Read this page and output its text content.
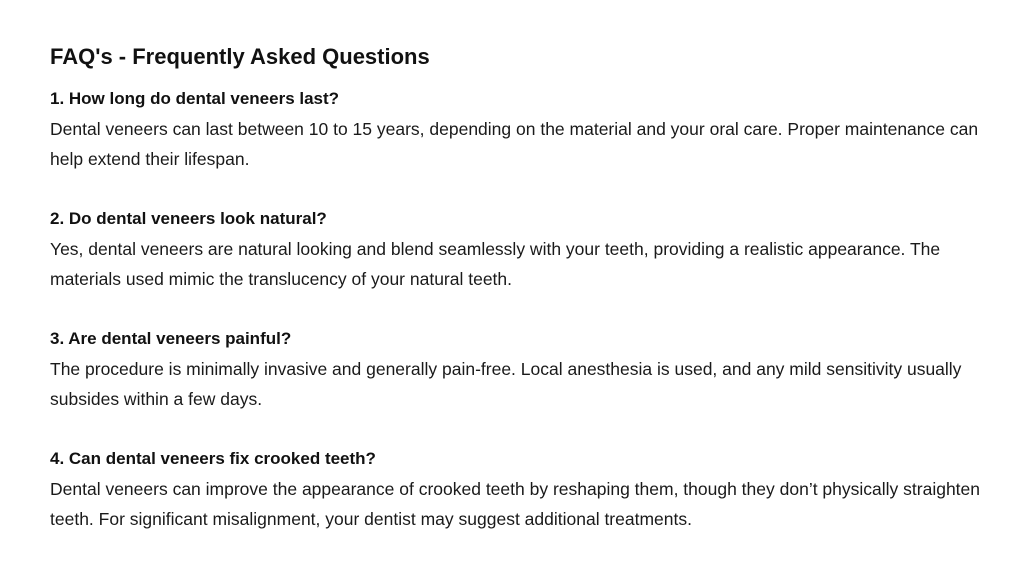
FAQ's - Frequently Asked Questions

1. How long do dental veneers last?

Dental veneers can last between 10 to 15 years, depending on the material and your oral care. Proper maintenance can help extend their lifespan.

2. Do dental veneers look natural?

Yes, dental veneers are natural looking and blend seamlessly with your teeth, providing a realistic appearance. The materials used mimic the translucency of your natural teeth.

3. Are dental veneers painful?

The procedure is minimally invasive and generally pain-free. Local anesthesia is used, and any mild sensitivity usually subsides within a few days.

4. Can dental veneers fix crooked teeth?

Dental veneers can improve the appearance of crooked teeth by reshaping them, though they don’t physically straighten teeth. For significant misalignment, your dentist may suggest additional treatments.
